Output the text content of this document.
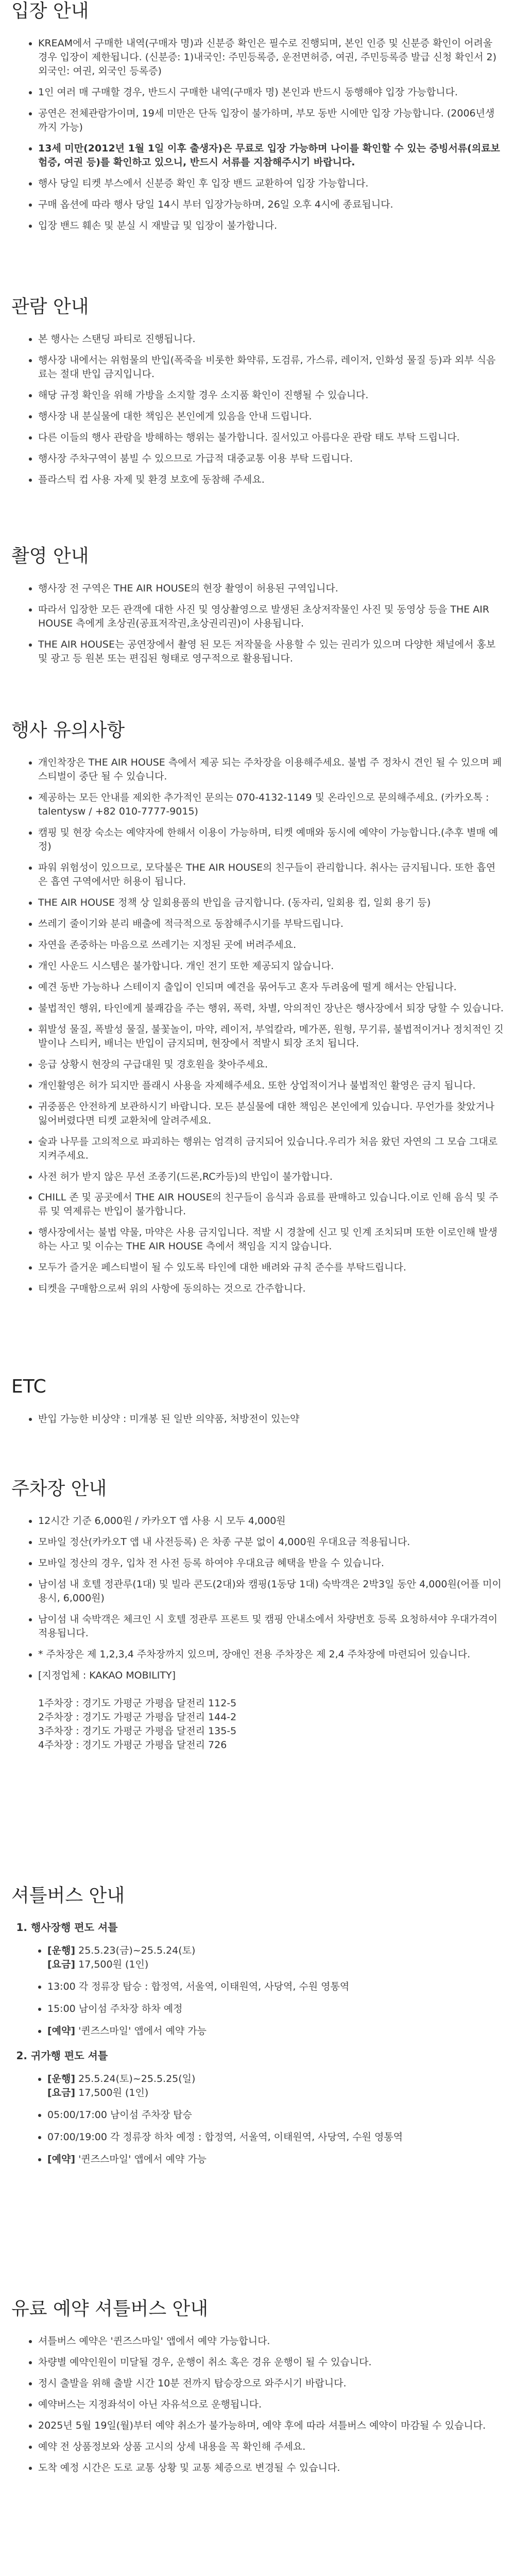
입장 안내
• KREAM에서 구매한 내역(구매자 명)과 신분증 확인은 필수로 진행되며, 본인 인증 및 신분증 확인이 어려울 경우 입장이 제한됩니다. (신분증: 1)내국인: 주민등록증, 운전면허증, 여권, 주민등록증 발급 신청 확인서 2)외국인: 여권, 외국인 등록증)
• 1인 여러 매 구매할 경우, 반드시 구매한 내역(구매자 명) 본인과 반드시 동행해야 입장 가능합니다.
• 공연은 전체관람가이며, 19세 미만은 단독 입장이 불가하며, 부모 동반 시에만 입장 가능합니다. (2006년생까지 가능)
• 13세 미만(2012년 1월 1일 이후 출생자)은 무료로 입장 가능하며 나이를 확인할 수 있는 증빙서류(의료보험증, 여권 등)를 확인하고 있으니, 반드시 서류를 지참해주시기 바랍니다.
• 행사 당일 티켓 부스에서 신분증 확인 후 입장 밴드 교환하여 입장 가능합니다.
• 구매 옵션에 따라 행사 당일 14시 부터 입장가능하며, 26일 오후 4시에 종료됩니다.
• 입장 밴드 훼손 및 분실 시 재발급 및 입장이 불가합니다.
관람 안내
• 본 행사는 스탠딩 파티로 진행됩니다.
• 행사장 내에서는 위험물의 반입(폭죽을 비롯한 화약류, 도검류, 가스류, 레이저, 인화성 물질 등)과 외부 식음료는 절대 반입 금지입니다.
• 해당 규정 확인을 위해 가방을 소지할 경우 소지품 확인이 진행될 수 있습니다.
• 행사장 내 분실물에 대한 책임은 본인에게 있음을 안내 드립니다.
• 다른 이들의 행사 관람을 방해하는 행위는 불가합니다. 질서있고 아름다운 관람 태도 부탁 드립니다.
• 행사장 주차구역이 붐빌 수 있으므로 가급적 대중교통 이용 부탁 드립니다.
• 플라스틱 컵 사용 자제 및 환경 보호에 동참해 주세요.
촬영 안내
• 행사장 전 구역은 THE AIR HOUSE의 현장 촬영이 허용된 구역입니다.
• 따라서 입장한 모든 관객에 대한 사진 및 영상촬영으로 발생된 초상저작물인 사진 및 동영상 등을 THE AIR HOUSE 측에게 초상권(공표저작권,초상권리권)이 사용됩니다.
• THE AIR HOUSE는 공연장에서 촬영 된 모든 저작물을 사용할 수 있는 권리가 있으며 다양한 채널에서 홍보 및 광고 등 원본 또는 편집된 형태로 영구적으로 활용됩니다.
행사 유의사항
• 개인착장은 THE AIR HOUSE 측에서 제공 되는 주차장을 이용해주세요. 불법 주 정차시 견인 될 수 있으며 페스티벌이 중단 될 수 있습니다.
• 제공하는 모든 안내를 제외한 추가적인 문의는 070-4132-1149 및 온라인으로 문의해주세요. (카카오톡 : talentysw / +82 010-7777-9015)
• 캠핑 및 현장 숙소는 예약자에 한해서 이용이 가능하며, 티켓 예매와 동시에 예약이 가능합니다.(추후 별매 예정)
• 파워 위험성이 있으므로, 모닥불은 THE AIR HOUSE의 친구들이 관리합니다. 취사는 금지됩니다. 또한 흡연은 흡연 구역에서만 허용이 됩니다.
• THE AIR HOUSE 정책 상 일회용품의 반입을 금지합니다. (동자리, 일회용 컵, 일회 용기 등)
• 쓰레기 줄이기와 분리 배출에 적극적으로 동참해주시기를 부탁드립니다.
• 자연을 존중하는 마음으로 쓰레기는 지정된 곳에 버려주세요.
• 개인 사운드 시스템은 불가합니다. 개인 전기 또한 제공되지 않습니다.
• 예견 동반 가능하나 스테이지 출입이 인되며 예견을 묶어두고 혼자 두려움에 떨게 해서는 안됩니다.
• 불법적인 행위, 타인에게 불쾌감을 주는 행위, 폭력, 차별, 악의적인 장난은 행사장에서 퇴장 당할 수 있습니다.
• 휘발성 물질, 폭발성 물질, 불꽃놀이, 마약, 레이저, 부엌칼라, 메가폰, 원형, 무기류, 불법적이거나 정치적인 깃발이나 스티커, 배너는 반입이 금지되며, 현장에서 적발시 퇴장 조치 됩니다.
• 응급 상황시 현장의 구급대원 및 경호원을 찾아주세요.
• 개인활영은 허가 되지만 플래시 사용을 자제해주세요. 또한 상업적이거나 불법적인 활영은 금지 됩니다.
• 귀중품은 안전하게 보관하시기 바랍니다. 모든 분실물에 대한 책임은 본인에게 있습니다. 무언가를 찾았거나 잃어버렸다면 티켓 교환처에 알려주세요.
• 술과 나무를 고의적으로 파괴하는 행위는 엄격히 금지되어 있습니다.우리가 처음 왔던 자연의 그 모습 그대로 지켜주세요.
• 사전 허가 받지 않은 무선 조종기(드론,RC카등)의 반입이 불가합니다.
• CHILL 존 및 공곳에서 THE AIR HOUSE의 친구들이 음식과 음료를 판매하고 있습니다.이로 인해 음식 및 주류 및 역제류는 반입이 불가합니다.
• 행사장에서는 불법 약물, 마약은 사용 금지입니다. 적발 시 경찰에 신고 및 인계 조치되며 또한 이로인해 발생하는 사고 및 이슈는 THE AIR HOUSE 측에서 책임을 지지 않습니다.
• 모두가 즐거운 페스티벌이 될 수 있도록 타인에 대한 배려와 규칙 준수를 부탁드립니다.
• 티켓을 구매함으로써 위의 사항에 동의하는 것으로 간주합니다.
ETC
• 반입 가능한 비상약 : 미개봉 된 일반 의약품, 처방전이 있는약
주차장 안내
• 12시간 기준 6,000원 / 카카오T 앱 사용 시 모두 4,000원
• 모바일 정산(카카오T 앱 내 사전등록) 은 차종 구분 없이 4,000원 우대요금 적용됩니다.
• 모바일 정산의 경우, 입차 전 사전 등록 하여야 우대요금 혜택을 받을 수 있습니다.
• 남이섬 내 호텔 정관루(1대) 및 빌라 콘도(2대)와 캠핑(1동당 1대) 숙박객은 2박3일 동안 4,000원(어플 미이용시, 6,000원)
• 남이섬 내 숙박객은 체크인 시 호텔 정관루 프론트 및 캠핑 안내소에서 차량번호 등록 요청하셔야 우대가격이 적용됩니다.
• * 주차장은 제 1,2,3,4 주차장까지 있으며, 장애인 전용 주차장은 제 2,4 주차장에 마련되어 있습니다.
• [지정업체 : KAKAO MOBILITY]

1주차장 : 경기도 가평군 가평읍 달전리 112-5
2주차장 : 경기도 가평군 가평읍 달전리 144-2
3주차장 : 경기도 가평군 가평읍 달전리 135-5
4주차장 : 경기도 가평군 가평읍 달전리 726
셔틀버스 안내
1. 행사장행 편도 셔틀
• [운행] 25.5.23(금)~25.5.24(토)
[요금] 17,500원 (1인)
• 13:00 각 정류장 탑승 : 합정역, 서울역, 이태원역, 사당역, 수원 영통역
• 15:00 남이섬 주차장 하차 예정
• [예약] '퀸즈스마일' 앱에서 예약 가능
2. 귀가행 편도 셔틀
• [운행] 25.5.24(토)~25.5.25(일)
[요금] 17,500원 (1인)
• 05:00/17:00 남이섬 주차장 탑승
• 07:00/19:00 각 정류장 하차 예정 : 합정역, 서울역, 이태원역, 사당역, 수원 영통역
• [예약] '퀸즈스마일' 앱에서 예약 가능
유료 예약 셔틀버스 안내
• 셔틀버스 예약은 '퀸즈스마일' 앱에서 예약 가능합니다.
• 차량별 예약인원이 미달될 경우, 운행이 취소 혹은 경유 운행이 될 수 있습니다.
• 정시 출발을 위해 출발 시간 10분 전까지 탑승장으로 와주시기 바랍니다.
• 예약버스는 지정좌석이 아닌 자유석으로 운행됩니다.
• 2025년 5월 19일(월)부터 예약 취소가 불가능하며, 예약 후에 따라 셔틀버스 예약이 마감될 수 있습니다.
• 예약 전 상품정보와 상품 고시의 상세 내용을 꼭 확인해 주세요.
• 도착 예정 시간은 도로 교통 상황 및 교통 체증으로 변경될 수 있습니다.
